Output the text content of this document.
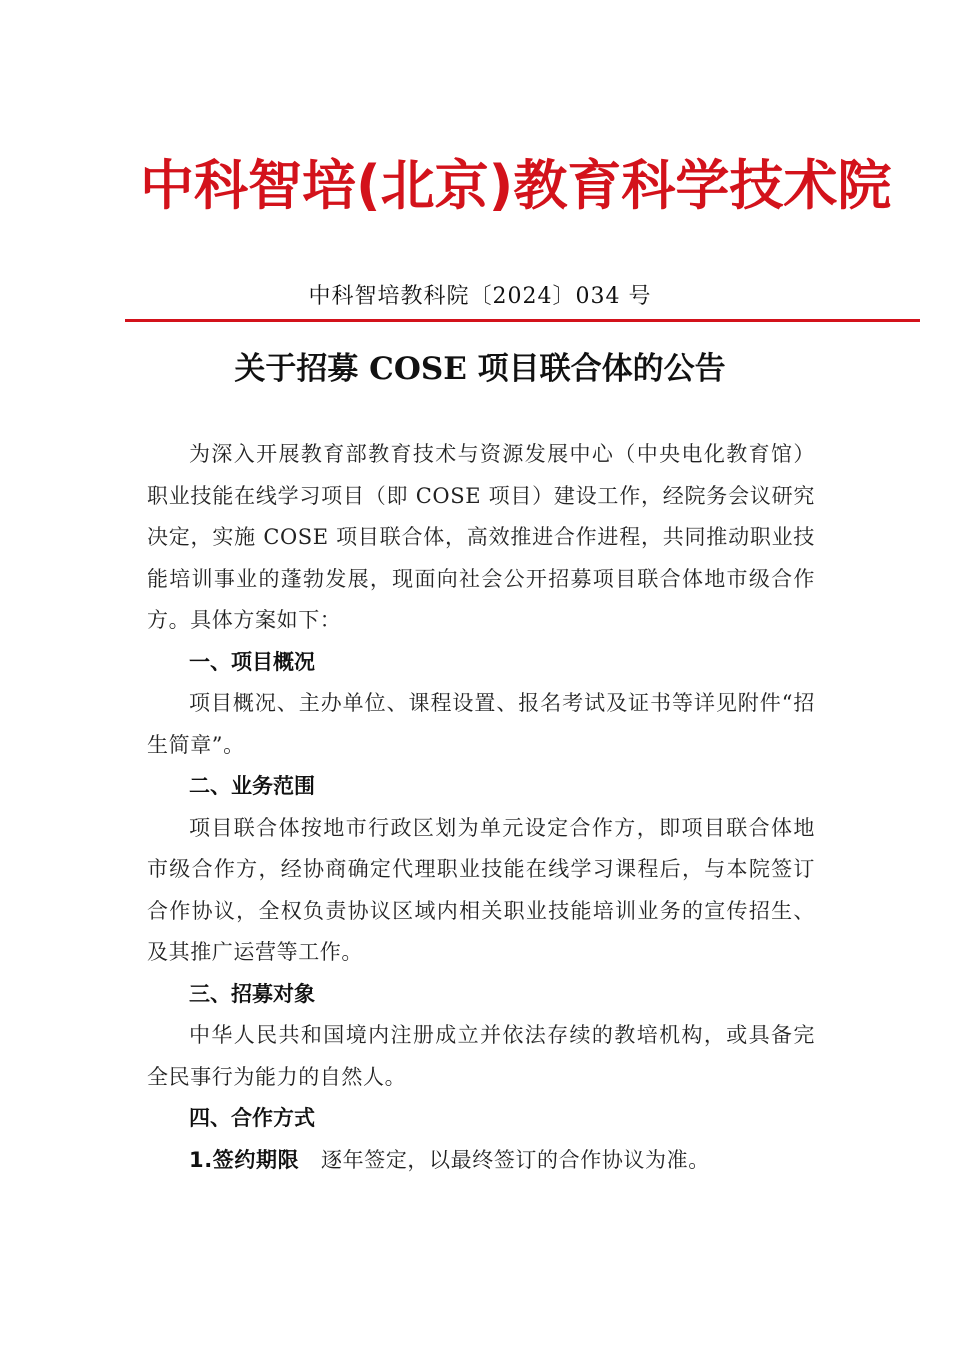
中科智培(北京)教育科学技术院
中科智培教科院〔2024〕034 号
关于招募 COSE 项目联合体的公告

为深入开展教育部教育技术与资源发展中心（中央电化教育馆）职业技能在线学习项目（即 COSE 项目）建设工作，经院务会议研究决定，实施 COSE 项目联合体，高效推进合作进程，共同推动职业技能培训事业的蓬勃发展，现面向社会公开招募项目联合体地市级合作方。具体方案如下：

一、项目概况

项目概况、主办单位、课程设置、报名考试及证书等详见附件“招生简章”。

二、业务范围

项目联合体按地市行政区划为单元设定合作方，即项目联合体地市级合作方，经协商确定代理职业技能在线学习课程后，与本院签订合作协议，全权负责协议区域内相关职业技能培训业务的宣传招生、及其推广运营等工作。

三、招募对象

中华人民共和国境内注册成立并依法存续的教培机构，或具备完全民事行为能力的自然人。

四、合作方式

1.签约期限 逐年签定，以最终签订的合作协议为准。
